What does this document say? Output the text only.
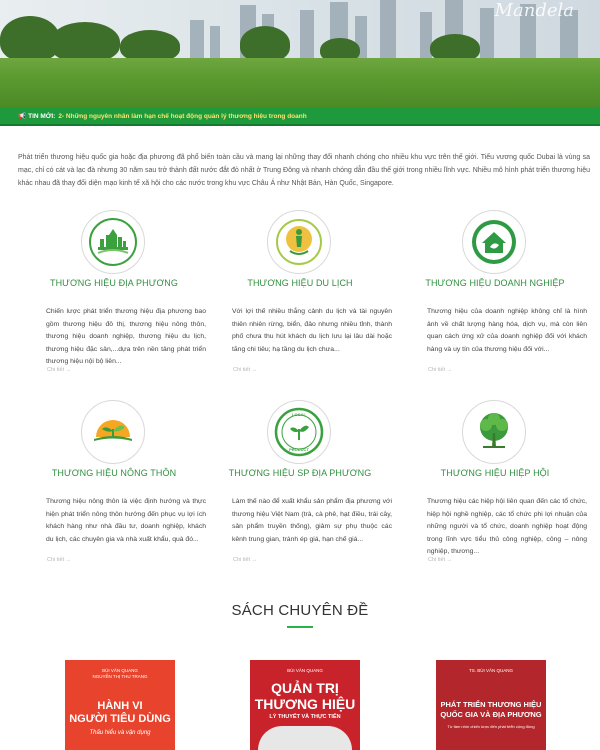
Mandela
📢 TIN MỚI: 2- Những nguyên nhân làm hạn chế hoạt động quản lý thương hiệu trong doanh
Phát triển thương hiệu quốc gia hoặc địa phương đã phổ biến toàn cầu và mang lại những thay đổi nhanh chóng cho nhiều khu vực trên thế giới. Tiểu vương quốc Dubai là vùng sa mạc, chỉ có cát và lạc đà nhưng 30 năm sau trở thành đất nước đắt đỏ nhất ở Trung Đông và nhanh chóng dẫn đầu thế giới trong nhiều lĩnh vực. Nhiều mô hình phát triển thương hiệu khác nhau đã thay đổi diện mạo kinh tế xã hội cho các nước trong khu vực Châu Á như Nhật Bản, Hàn Quốc, Singapore.
THƯƠNG HIỆU ĐỊA PHƯƠNG
Chiến lược phát triển thương hiệu địa phương bao gồm thương hiệu đô thị, thương hiệu nông thôn, thương hiệu doanh nghiệp, thương hiệu du lịch, thương hiệu đặc sản,...dựa trên nền tảng phát triển thương hiệu nội bộ liên...
Chi tiết →
THƯƠNG HIỆU DU LỊCH
Với lợi thế nhiều thắng cảnh du lịch và tài nguyên thiên nhiên rừng, biển, đảo nhưng nhiều tỉnh, thành phố chưa thu hút khách du lịch lưu lại lâu dài hoặc tăng chi tiêu; hạ tầng du lịch chưa...
Chi tiết →
THƯƠNG HIỆU DOANH NGHIỆP
Thương hiệu của doanh nghiệp không chỉ là hình ảnh về chất lượng hàng hóa, dịch vụ, mà còn liên quan cách ứng xử của doanh nghiệp đối với khách hàng và uy tín của thương hiệu đối với...
Chi tiết →
THƯƠNG HIỆU NÔNG THÔN
Thương hiệu nông thôn là việc định hướng và thực hiện phát triển nông thôn hướng đến phục vụ lợi ích khách hàng như nhà đầu tư, doanh nghiệp, khách du lịch, các chuyên gia và nhà xuất khẩu, quà đó...
Chi tiết →
LOCAL
PRODUCT
THƯƠNG HIỆU SP ĐỊA PHƯƠNG
Làm thế nào để xuất khẩu sản phẩm địa phương với thương hiệu Việt Nam (trà, cà phê, hạt điều, trái cây, sản phẩm truyền thống), giảm sự phụ thuộc các kênh trung gian, tránh ép giá, hạn chế giá...
Chi tiết →
THƯƠNG HIỆU HIỆP HỘI
Thương hiệu các hiệp hội liên quan đến các tổ chức, hiệp hội nghề nghiệp, các tổ chức phi lợi nhuận của những người và tổ chức, doanh nghiệp hoạt động trong lĩnh vực tiểu thủ công nghiệp, công – nông nghiệp, thương...
Chi tiết →
SÁCH CHUYÊN ĐỀ
BÙI VĂN QUANG
NGUYỄN THỊ THU TRANG
HÀNH VI
NGƯỜI TIÊU DÙNG
Thấu hiểu và vận dụng
BÙI VĂN QUANG
QUẢN TRỊ
THƯƠNG HIỆU
LÝ THUYẾT VÀ THỰC TIỄN
TS. BÙI VĂN QUANG
PHÁT TRIỂN THƯƠNG HIỆU
QUỐC GIA VÀ ĐỊA PHƯƠNG
Từ tầm nhìn chiến lược đến phát triển cộng đồng
